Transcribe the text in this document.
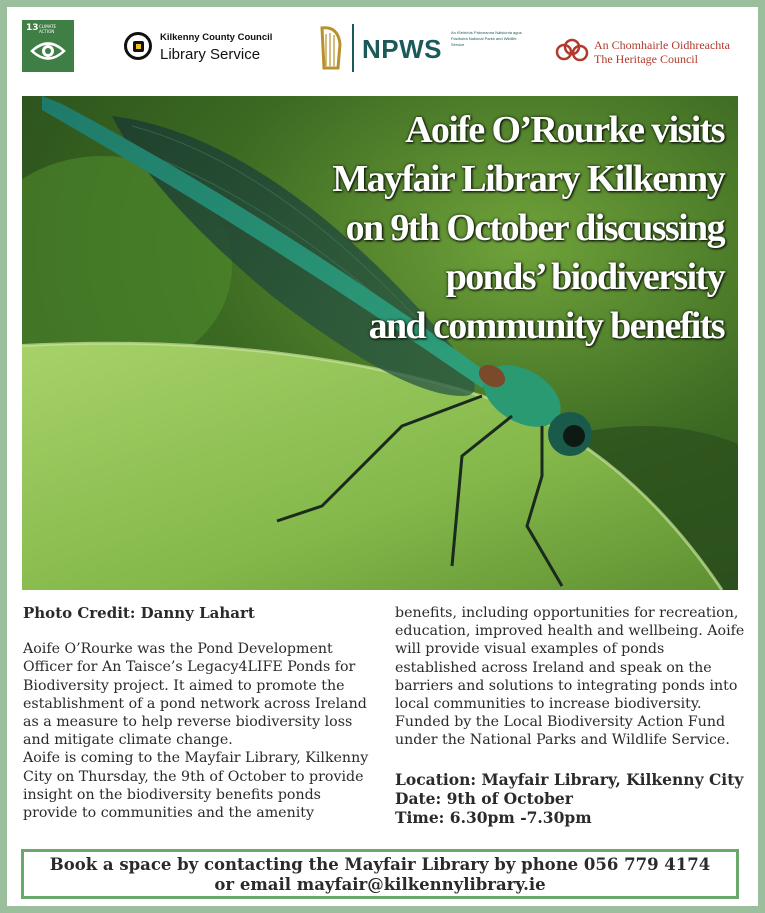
13 CLIMATE ACTION
Kilkenny County Council
Library Service	NPWS
An tSeirbhís Páirceanna Náisiúnta agus Fiadhúlra National Parks and Wildlife Service	An Chomhairle Oidhreachta
The Heritage Council
Aoife O’Rourke visits
Mayfair Library Kilkenny
on 9th October discussing
ponds’ biodiversity
and community benefits
Photo Credit: Danny Lahart

Aoife O’Rourke was the Pond Development Officer for An Taisce’s Legacy4LIFE Ponds for Biodiversity project. It aimed to promote the establishment of a pond network across Ireland as a measure to help reverse biodiversity loss and mitigate climate change.

Aoife is coming to the Mayfair Library, Kilkenny City on Thursday, the 9th of October to provide insight on the biodiversity benefits ponds provide to communities and the amenity

benefits, including opportunities for recreation, education, improved health and wellbeing. Aoife will provide visual examples of ponds established across Ireland and speak on the barriers and solutions to integrating ponds into local communities to increase biodiversity. Funded by the Local Biodiversity Action Fund under the National Parks and Wildlife Service.

Location: Mayfair Library, Kilkenny City
Date: 9th of October
Time: 6.30pm -7.30pm
Book a space by contacting the Mayfair Library by phone 056 779 4174
or email mayfair@kilkennylibrary.ie
